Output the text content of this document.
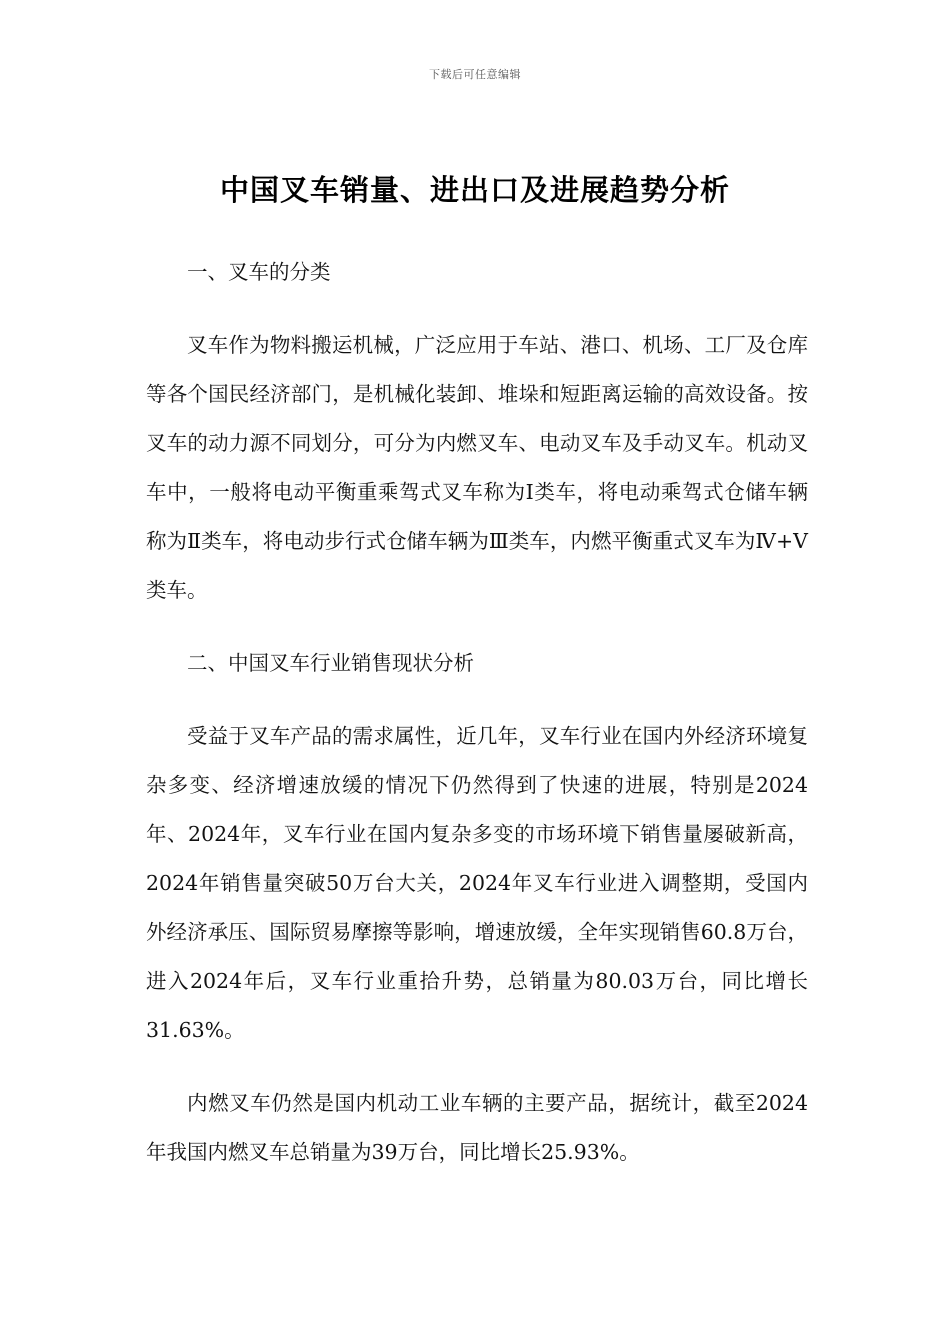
下载后可任意编辑
中国叉车销量、进出口及进展趋势分析

一、叉车的分类

叉车作为物料搬运机械，广泛应用于车站、港口、机场、工厂及仓库等各个国民经济部门，是机械化装卸、堆垛和短距离运输的高效设备。按叉车的动力源不同划分，可分为内燃叉车、电动叉车及手动叉车。机动叉车中，一般将电动平衡重乘驾式叉车称为Ⅰ类车，将电动乘驾式仓储车辆称为Ⅱ类车，将电动步行式仓储车辆为Ⅲ类车，内燃平衡重式叉车为Ⅳ+Ⅴ类车。

二、中国叉车行业销售现状分析

受益于叉车产品的需求属性，近几年，叉车行业在国内外经济环境复杂多变、经济增速放缓的情况下仍然得到了快速的进展，特别是2024年、2024年，叉车行业在国内复杂多变的市场环境下销售量屡破新高，2024年销售量突破50万台大关，2024年叉车行业进入调整期，受国内外经济承压、国际贸易摩擦等影响，增速放缓，全年实现销售60.8万台，进入2024年后，叉车行业重拾升势，总销量为80.03万台，同比增长31.63%。

内燃叉车仍然是国内机动工业车辆的主要产品，据统计，截至2024年我国内燃叉车总销量为39万台，同比增长25.93%。
